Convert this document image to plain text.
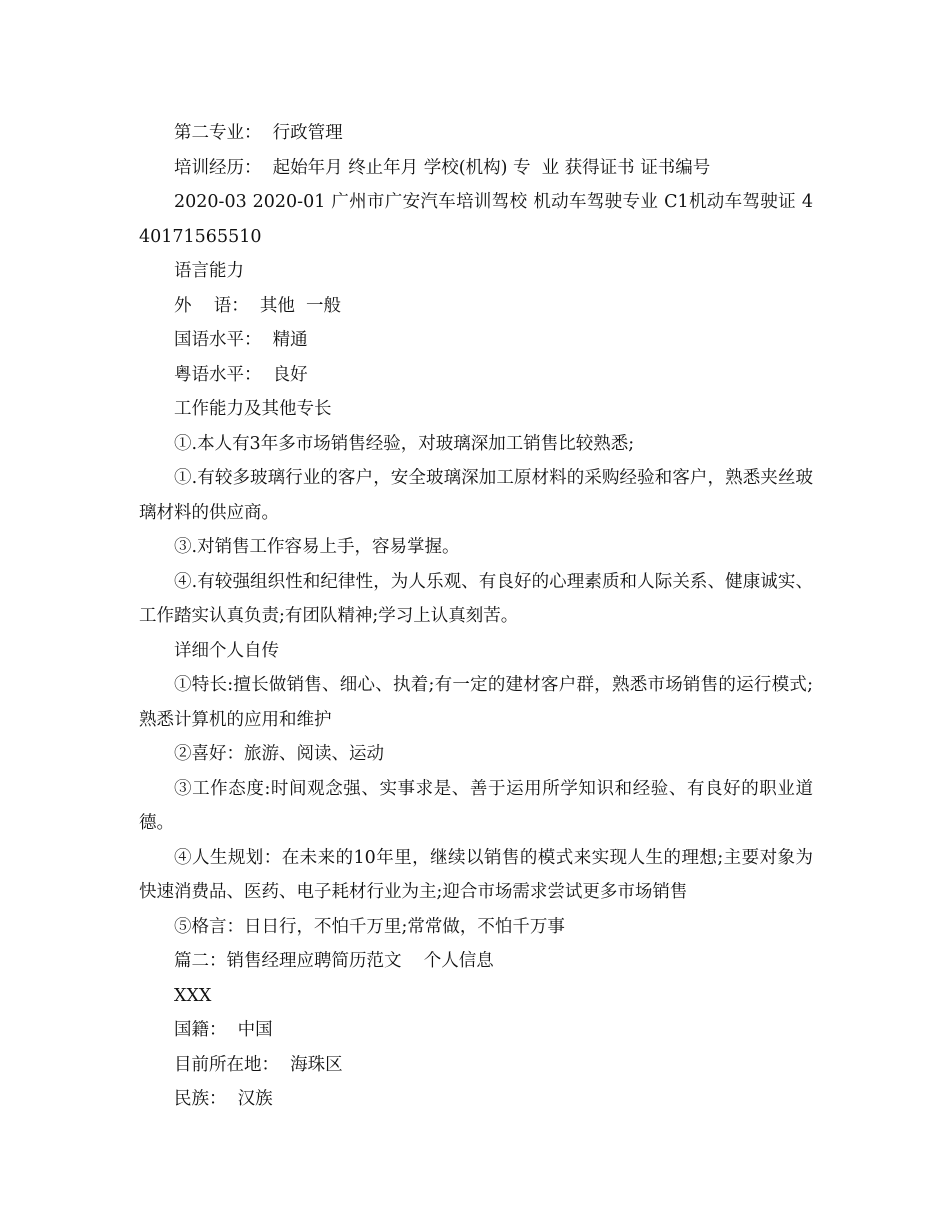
第二专业：  行政管理

培训经历：  起始年月 终止年月 学校(机构) 专  业 获得证书 证书编号

2020-03 2020-01 广州市广安汽车培训驾校 机动车驾驶专业 C1机动车驾驶证 440171565510

语言能力

外    语：  其他  一般

国语水平：  精通

粤语水平：  良好

工作能力及其他专长

①.本人有3年多市场销售经验，对玻璃深加工销售比较熟悉;

①.有较多玻璃行业的客户，安全玻璃深加工原材料的采购经验和客户，熟悉夹丝玻璃材料的供应商。

③.对销售工作容易上手，容易掌握。

④.有较强组织性和纪律性，为人乐观、有良好的心理素质和人际关系、健康诚实、工作踏实认真负责;有团队精神;学习上认真刻苦。

详细个人自传

①特长:擅长做销售、细心、执着;有一定的建材客户群，熟悉市场销售的运行模式;熟悉计算机的应用和维护

②喜好：旅游、阅读、运动

③工作态度:时间观念强、实事求是、善于运用所学知识和经验、有良好的职业道德。

④人生规划：在未来的10年里，继续以销售的模式来实现人生的理想;主要对象为快速消费品、医药、电子耗材行业为主;迎合市场需求尝试更多市场销售

⑤格言：日日行，不怕千万里;常常做，不怕千万事

篇二：销售经理应聘简历范文    个人信息

XXX

国籍：  中国

目前所在地：  海珠区

民族：  汉族
